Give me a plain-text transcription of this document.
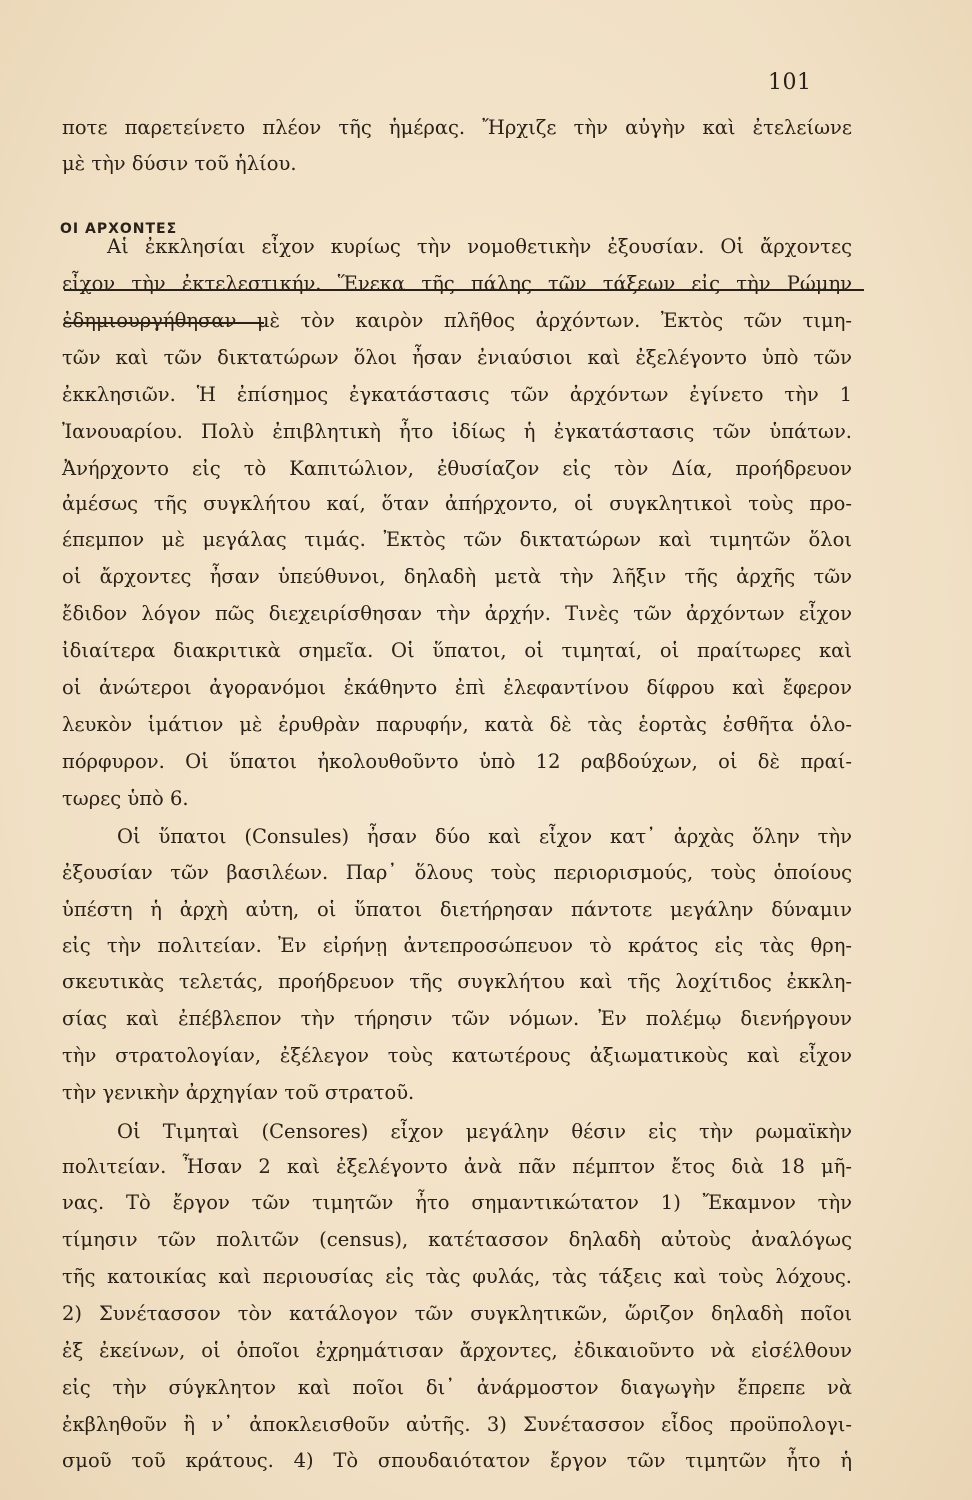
101
ΟΙ ΑΡΧΟΝΤΕΣ
ποτε παρετείνετο πλέον τῆς ἡμέρας. Ἤρχιζε τὴν αὐγὴν καὶ ἐτελείωνε
μὲ τὴν δύσιν τοῦ ἡλίου.
Αἱ ἐκκλησίαι εἶχον κυρίως τὴν νομοθετικὴν ἐξουσίαν. Οἱ ἄρχοντες
εἶχον τὴν ἐκτελεστικήν. Ἕνεκα τῆς πάλης τῶν τάξεων εἰς τὴν Ρώμην
ἐδημιουργήθησαν μὲ τὸν καιρὸν πλῆθος ἀρχόντων. Ἐκτὸς τῶν τιμη-
τῶν καὶ τῶν δικτατώρων ὅλοι ἦσαν ἐνιαύσιοι καὶ ἐξελέγοντο ὑπὸ τῶν
ἐκκλησιῶν. Ἡ ἐπίσημος ἐγκατάστασις τῶν ἀρχόντων ἐγίνετο τὴν 1
Ἰανουαρίου. Πολὺ ἐπιβλητικὴ ἦτο ἰδίως ἡ ἐγκατάστασις τῶν ὑπάτων.
Ἀνήρχοντο εἰς τὸ Καπιτώλιον, ἐθυσίαζον εἰς τὸν Δία, προήδρευον
ἀμέσως τῆς συγκλήτου καί, ὅταν ἀπήρχοντο, οἱ συγκλητικοὶ τοὺς προ-
έπεμπον μὲ μεγάλας τιμάς. Ἐκτὸς τῶν δικτατώρων καὶ τιμητῶν ὅλοι
οἱ ἄρχοντες ἦσαν ὑπεύθυνοι, δηλαδὴ μετὰ τὴν λῆξιν τῆς ἀρχῆς τῶν
ἔδιδον λόγον πῶς διεχειρίσθησαν τὴν ἀρχήν. Τινὲς τῶν ἀρχόντων εἶχον
ἰδιαίτερα διακριτικὰ σημεῖα. Οἱ ὕπατοι, οἱ τιμηταί, οἱ πραίτωρες καὶ
οἱ ἀνώτεροι ἀγορανόμοι ἐκάθηντο ἐπὶ ἐλεφαντίνου δίφρου καὶ ἔφερον
λευκὸν ἱμάτιον μὲ ἐρυθρὰν παρυφήν, κατὰ δὲ τὰς ἑορτὰς ἐσθῆτα ὁλο-
πόρφυρον. Οἱ ὕπατοι ἠκολουθοῦντο ὑπὸ 12 ραβδούχων, οἱ δὲ πραί-
τωρες ὑπὸ 6.
Οἱ ὕπατοι (Consules) ἦσαν δύο καὶ εἶχον κατ᾽ ἀρχὰς ὅλην τὴν
ἐξουσίαν τῶν βασιλέων. Παρ᾽ ὅλους τοὺς περιορισμούς, τοὺς ὁποίους
ὑπέστη ἡ ἀρχὴ αὐτη, οἱ ὕπατοι διετήρησαν πάντοτε μεγάλην δύναμιν
εἰς τὴν πολιτείαν. Ἐν εἰρήνῃ ἀντεπροσώπευον τὸ κράτος εἰς τὰς θρη-
σκευτικὰς τελετάς, προήδρευον τῆς συγκλήτου καὶ τῆς λοχίτιδος ἐκκλη-
σίας καὶ ἐπέβλεπον τὴν τήρησιν τῶν νόμων. Ἐν πολέμῳ διενήργουν
τὴν στρατολογίαν, ἐξέλεγον τοὺς κατωτέρους ἀξιωματικοὺς καὶ εἶχον
τὴν γενικὴν ἀρχηγίαν τοῦ στρατοῦ.
Οἱ Τιμηταὶ (Censores) εἶχον μεγάλην θέσιν εἰς τὴν ρωμαϊκὴν
πολιτείαν. Ἦσαν 2 καὶ ἐξελέγοντο ἀνὰ πᾶν πέμπτον ἔτος διὰ 18 μῆ-
νας. Τὸ ἔργον τῶν τιμητῶν ἦτο σημαντικώτατον 1) Ἔκαμνον τὴν
τίμησιν τῶν πολιτῶν (census), κατέτασσον δηλαδὴ αὐτοὺς ἀναλόγως
τῆς κατοικίας καὶ περιουσίας εἰς τὰς φυλάς, τὰς τάξεις καὶ τοὺς λόχους.
2) Συνέτασσον τὸν κατάλογον τῶν συγκλητικῶν, ὥριζον δηλαδὴ ποῖοι
ἐξ ἐκείνων, οἱ ὁποῖοι ἐχρημάτισαν ἄρχοντες, ἐδικαιοῦντο νὰ εἰσέλθουν
εἰς τὴν σύγκλητον καὶ ποῖοι δι᾽ ἀνάρμοστον διαγωγὴν ἔπρεπε νὰ
ἐκβληθοῦν ἢ ν᾽ ἀποκλεισθοῦν αὐτῆς. 3) Συνέτασσον εἶδος προϋπολογι-
σμοῦ τοῦ κράτους. 4) Τὸ σπουδαιότατον ἔργον τῶν τιμητῶν ἦτο ἡ
